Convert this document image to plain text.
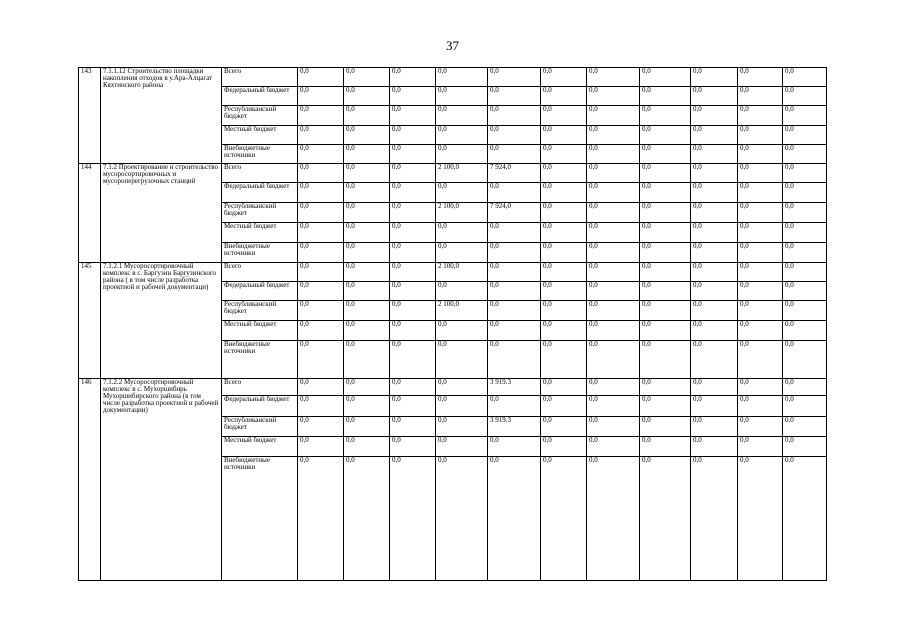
37
143	7.1.1.12 Строительство площадки накопления отходов в у.Ара-Алцагат Кяхтинского района	Всего	0,0	0,0	0,0	0,0	0,0	0,0	0,0	0,0	0,0	0,0	0,0
		Федеральный бюджет	0,0	0,0	0,0	0,0	0,0	0,0	0,0	0,0	0,0	0,0	0,0
		Республиканский бюджет	0,0	0,0	0,0	0,0	0,0	0,0	0,0	0,0	0,0	0,0	0,0
		Местный бюджет	0,0	0,0	0,0	0,0	0,0	0,0	0,0	0,0	0,0	0,0	0,0
		Внебюджетные источники	0,0	0,0	0,0	0,0	0,0	0,0	0,0	0,0	0,0	0,0	0,0
144	7.1.2 Проектирование и строительство мусоросортировочных и мусороперегрузочных станций	Всего	0,0	0,0	0,0	2 100,0	7 924,0	0,0	0,0	0,0	0,0	0,0	0,0
		Федеральный бюджет	0,0	0,0	0,0	0,0	0,0	0,0	0,0	0,0	0,0	0,0	0,0
		Республиканский бюджет	0,0	0,0	0,0	2 100,0	7 924,0	0,0	0,0	0,0	0,0	0,0	0,0
		Местный бюджет	0,0	0,0	0,0	0,0	0,0	0,0	0,0	0,0	0,0	0,0	0,0
		Внебюджетные источники	0,0	0,0	0,0	0,0	0,0	0,0	0,0	0,0	0,0	0,0	0,0
145	7.1.2.1 Мусоросортировочный комплекс в с. Баргузин Баргузинского района ( в том числе разработка проектной и рабочей документаци)	Всего	0,0	0,0	0,0	2 100,0	0,0	0,0	0,0	0,0	0,0	0,0	0,0
		Федеральный бюджет	0,0	0,0	0,0	0,0	0,0	0,0	0,0	0,0	0,0	0,0	0,0
		Республиканский бюджет	0,0	0,0	0,0	2 100,0	0,0	0,0	0,0	0,0	0,0	0,0	0,0
		Местный бюджет	0,0	0,0	0,0	0,0	0,0	0,0	0,0	0,0	0,0	0,0	0,0
		Внебюджетные источники	0,0	0,0	0,0	0,0	0,0	0,0	0,0	0,0	0,0	0,0	0,0
146	7.1.2.2 Мусоросортировочный комплекс в с. Мухоршибирь Мухоршибирского района (в том числе разработка проектной и рабочей документации)	Всего	0,0	0,0	0,0	0,0	3 919.3	0,0	0,0	0,0	0,0	0,0	0,0
		Федеральный бюджет	0,0	0,0	0,0	0,0	0,0	0,0	0,0	0,0	0,0	0,0	0,0
		Республиканский бюджет	0,0	0,0	0,0	0,0	3 919.3	0,0	0,0	0,0	0,0	0,0	0,0
		Местный бюджет	0,0	0,0	0,0	0,0	0,0	0,0	0,0	0,0	0,0	0,0	0,0
		Внебюджетные источники	0,0	0,0	0,0	0,0	0,0	0,0	0,0	0,0	0,0	0,0	0,0
